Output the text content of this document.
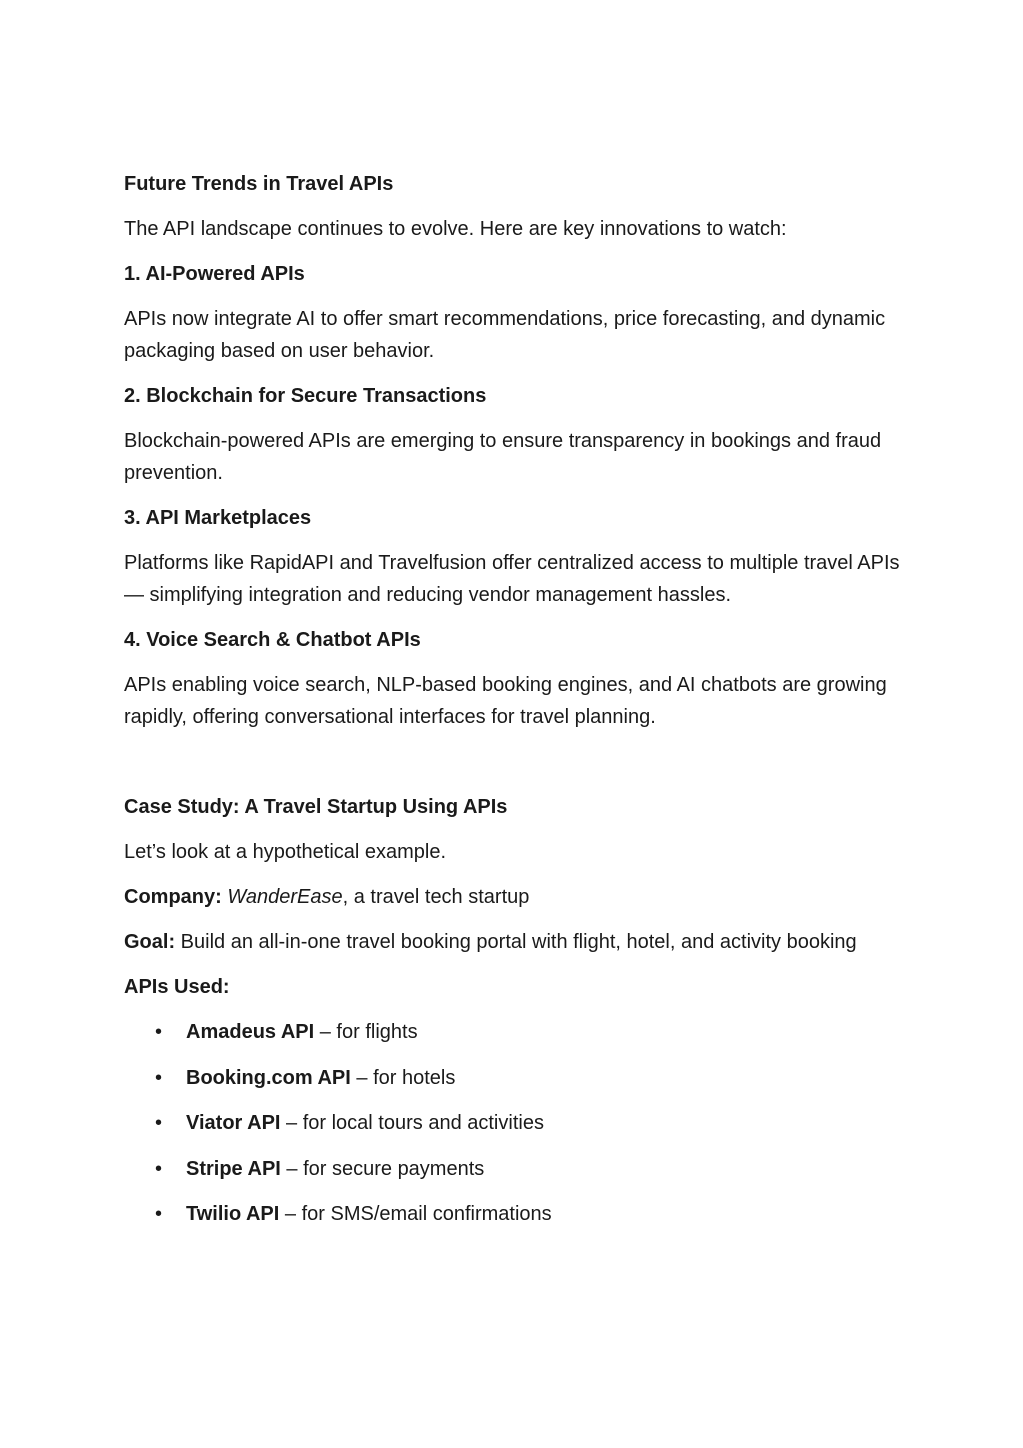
Future Trends in Travel APIs
The API landscape continues to evolve. Here are key innovations to watch:
1. AI-Powered APIs
APIs now integrate AI to offer smart recommendations, price forecasting, and dynamic packaging based on user behavior.
2. Blockchain for Secure Transactions
Blockchain-powered APIs are emerging to ensure transparency in bookings and fraud prevention.
3. API Marketplaces
Platforms like RapidAPI and Travelfusion offer centralized access to multiple travel APIs — simplifying integration and reducing vendor management hassles.
4. Voice Search & Chatbot APIs
APIs enabling voice search, NLP-based booking engines, and AI chatbots are growing rapidly, offering conversational interfaces for travel planning.
Case Study: A Travel Startup Using APIs
Let’s look at a hypothetical example.
Company: WanderEase, a travel tech startup
Goal: Build an all-in-one travel booking portal with flight, hotel, and activity booking
APIs Used:
• Amadeus API – for flights
• Booking.com API – for hotels
• Viator API – for local tours and activities
• Stripe API – for secure payments
• Twilio API – for SMS/email confirmations
